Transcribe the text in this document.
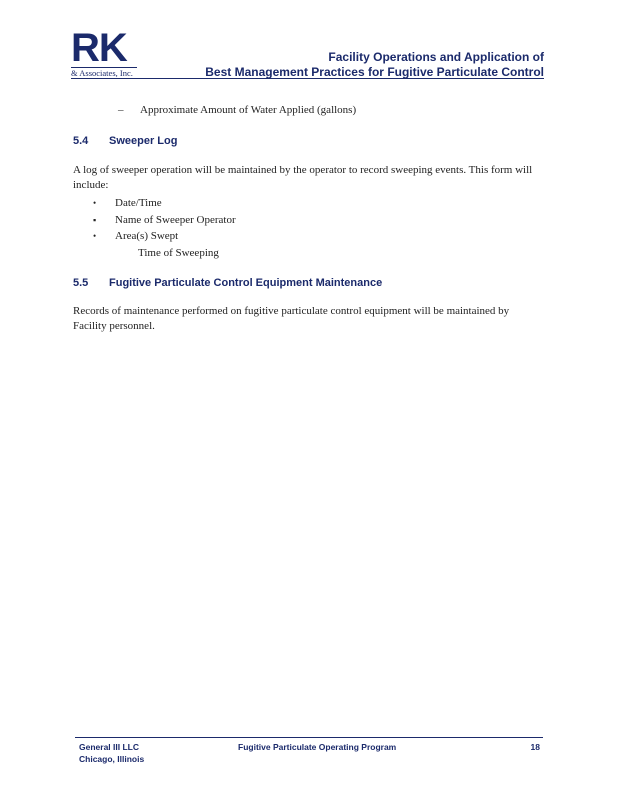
RK
& Associates, Inc.
Facility Operations and Application of
Best Management Practices for Fugitive Particulate Control
– Approximate Amount of Water Applied (gallons)
5.4 Sweeper Log
A log of sweeper operation will be maintained by the operator to record sweeping events. This form will include:
• Date/Time
▪ Name of Sweeper Operator
• Area(s) Swept
Time of Sweeping
5.5 Fugitive Particulate Control Equipment Maintenance
Records of maintenance performed on fugitive particulate control equipment will be maintained by Facility personnel.
General III LLC
Chicago, Illinois
Fugitive Particulate Operating Program	18
